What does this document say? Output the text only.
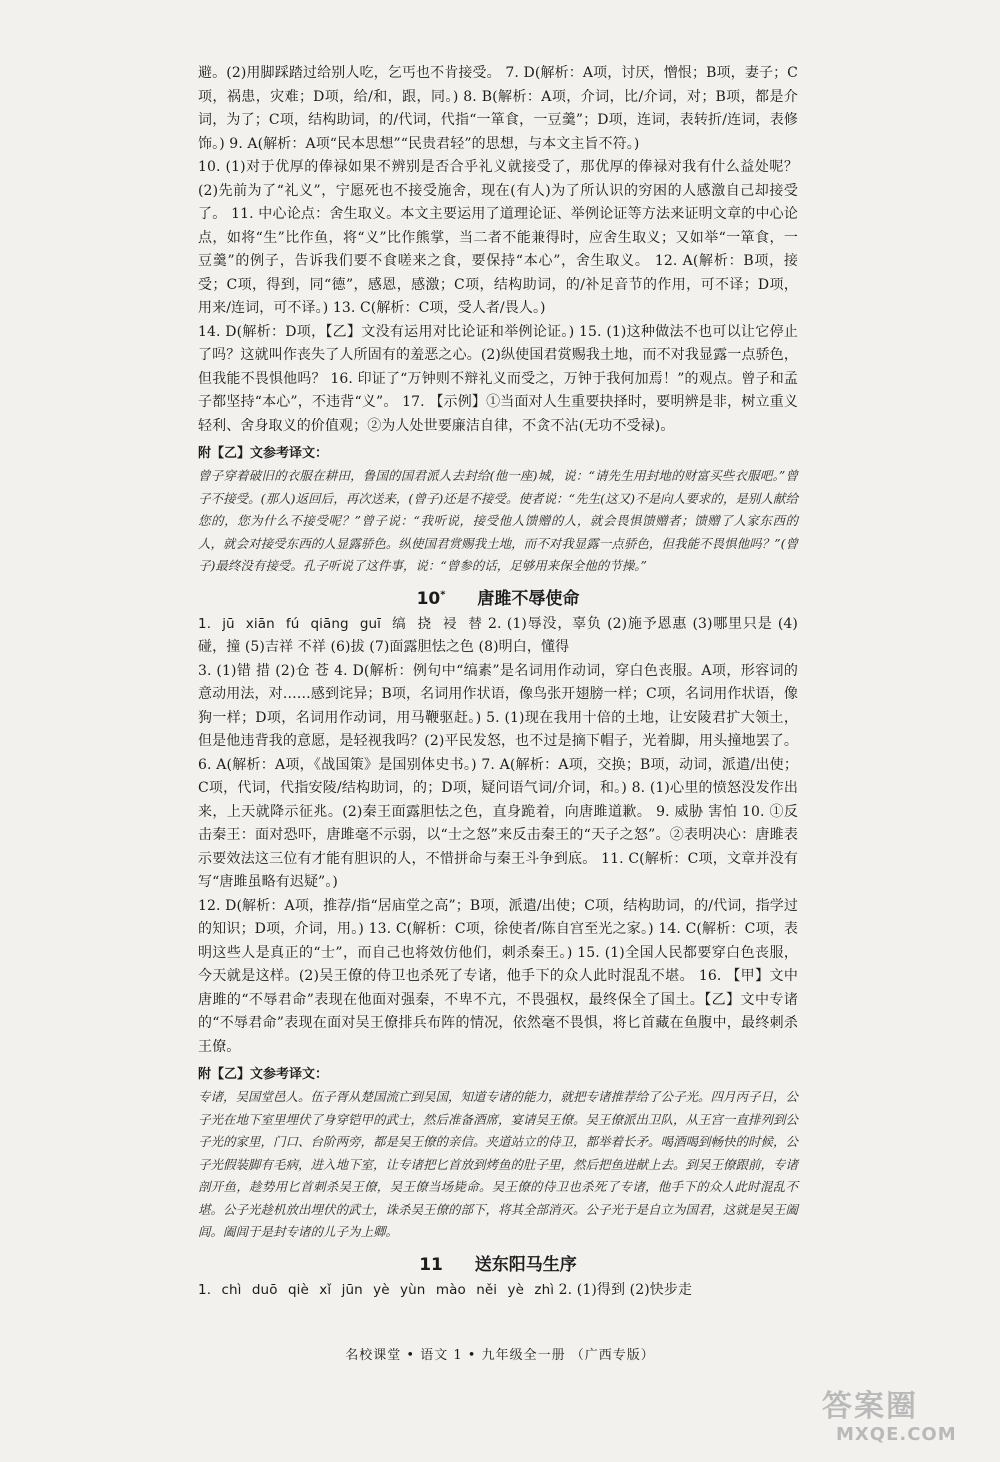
避。(2)用脚踩踏过给别人吃，乞丐也不肯接受。 7. D(解析：A项，讨厌，憎恨；B项，妻子；C项，祸患，灾难；D项，给/和，跟，同。) 8. B(解析：A项，介词，比/介词，对；B项，都是介词，为了；C项，结构助词，的/代词，代指“一箪食，一豆羹”；D项，连词，表转折/连词，表修饰。) 9. A(解析：A项“民本思想”“民贵君轻”的思想，与本文主旨不符。)

10. (1)对于优厚的俸禄如果不辨别是否合乎礼义就接受了，那优厚的俸禄对我有什么益处呢？(2)先前为了“礼义”，宁愿死也不接受施舍，现在(有人)为了所认识的穷困的人感激自己却接受了。 11. 中心论点：舍生取义。本文主要运用了道理论证、举例论证等方法来证明文章的中心论点，如将“生”比作鱼，将“义”比作熊掌，当二者不能兼得时，应舍生取义；又如举“一箪食，一豆羹”的例子，告诉我们要不食嗟来之食，要保持“本心”，舍生取义。 12. A(解析：B项，接受；C项，得到，同“德”，感恩，感激；C项，结构助词，的/补足音节的作用，可不译；D项，用来/连词，可不译。) 13. C(解析：C项，受人者/畏人。)

14. D(解析：D项，【乙】文没有运用对比论证和举例论证。) 15. (1)这种做法不也可以让它停止了吗？这就叫作丧失了人所固有的羞恶之心。(2)纵使国君赏赐我土地，而不对我显露一点骄色，但我能不畏惧他吗？ 16. 印证了“万钟则不辩礼义而受之，万钟于我何加焉！”的观点。曾子和孟子都坚持“本心”，不违背“义”。 17. 【示例】①当面对人生重要抉择时，要明辨是非，树立重义轻利、舍身取义的价值观；②为人处世要廉洁自律，不贪不沾(无功不受禄)。

附【乙】文参考译文：

曾子穿着破旧的衣服在耕田，鲁国的国君派人去封给(他一座)城，说：“请先生用封地的财富买些衣服吧。”曾子不接受。(那人)返回后，再次送来，(曾子)还是不接受。使者说：“先生(这又)不是向人要求的，是别人献给您的，您为什么不接受呢？”曾子说：“我听说，接受他人馈赠的人，就会畏惧馈赠者；馈赠了人家东西的人，就会对接受东西的人显露骄色。纵使国君赏赐我土地，而不对我显露一点骄色，但我能不畏惧他吗？”(曾子)最终没有接受。孔子听说了这件事，说：“曾参的话，足够用来保全他的节操。”

10* 唐雎不辱使命

1. jū xiān fú qiāng guī 缟 挠 祲 替 2. (1)辱没，辜负 (2)施予恩惠 (3)哪里只是 (4)碰，撞 (5)吉祥 不祥 (6)拔 (7)面露胆怯之色 (8)明白，懂得

3. (1)错 措 (2)仓 苍 4. D(解析：例句中“缟素”是名词用作动词，穿白色丧服。A项，形容词的意动用法，对……感到诧异；B项，名词用作状语，像鸟张开翅膀一样；C项，名词用作状语，像狗一样；D项，名词用作动词，用马鞭驱赶。) 5. (1)现在我用十倍的土地，让安陵君扩大领土，但是他违背我的意愿，是轻视我吗？(2)平民发怒，也不过是摘下帽子，光着脚，用头撞地罢了。 6. A(解析：A项，《战国策》是国别体史书。) 7. A(解析：A项，交换；B项，动词，派遣/出使；C项，代词，代指安陵/结构助词，的；D项，疑问语气词/介词，和。) 8. (1)心里的愤怒没发作出来，上天就降示征兆。(2)秦王面露胆怯之色，直身跪着，向唐雎道歉。 9. 威胁 害怕 10. ①反击秦王：面对恐吓，唐雎毫不示弱，以“士之怒”来反击秦王的“天子之怒”。②表明决心：唐雎表示要效法这三位有才能有胆识的人，不惜拼命与秦王斗争到底。 11. C(解析：C项，文章并没有写“唐雎虽略有迟疑”。)

12. D(解析：A项，推荐/指“居庙堂之高”；B项，派遣/出使；C项，结构助词，的/代词，指学过的知识；D项，介词，用。) 13. C(解析：C项，徐使者/陈自宫至光之家。) 14. C(解析：C项，表明这些人是真正的“士”，而自己也将效仿他们，刺杀秦王。) 15. (1)全国人民都要穿白色丧服，今天就是这样。(2)吴王僚的侍卫也杀死了专诸，他手下的众人此时混乱不堪。 16. 【甲】文中唐雎的“不辱君命”表现在他面对强秦，不卑不亢，不畏强权，最终保全了国土。【乙】文中专诸的“不辱君命”表现在面对吴王僚排兵布阵的情况，依然毫不畏惧，将匕首藏在鱼腹中，最终刺杀王僚。

附【乙】文参考译文：

专诸，吴国堂邑人。伍子胥从楚国流亡到吴国，知道专诸的能力，就把专诸推荐给了公子光。四月丙子日，公子光在地下室里埋伏了身穿铠甲的武士，然后准备酒席，宴请吴王僚。吴王僚派出卫队，从王宫一直排列到公子光的家里，门口、台阶两旁，都是吴王僚的亲信。夹道站立的侍卫，都举着长矛。喝酒喝到畅快的时候，公子光假装脚有毛病，进入地下室，让专诸把匕首放到烤鱼的肚子里，然后把鱼进献上去。到吴王僚跟前，专诸剖开鱼，趁势用匕首刺杀吴王僚，吴王僚当场毙命。吴王僚的侍卫也杀死了专诸，他手下的众人此时混乱不堪。公子光趁机放出埋伏的武士，诛杀吴王僚的部下，将其全部消灭。公子光于是自立为国君，这就是吴王阖闾。阖闾于是封专诸的儿子为上卿。

11 送东阳马生序

1. chì duō qiè xǐ jūn yè yùn mào něi yè zhì 2. (1)得到 (2)快步走

名校课堂 • 语文 1 • 九年级全一册 （广西专版）
答案圈
MXQE.COM
